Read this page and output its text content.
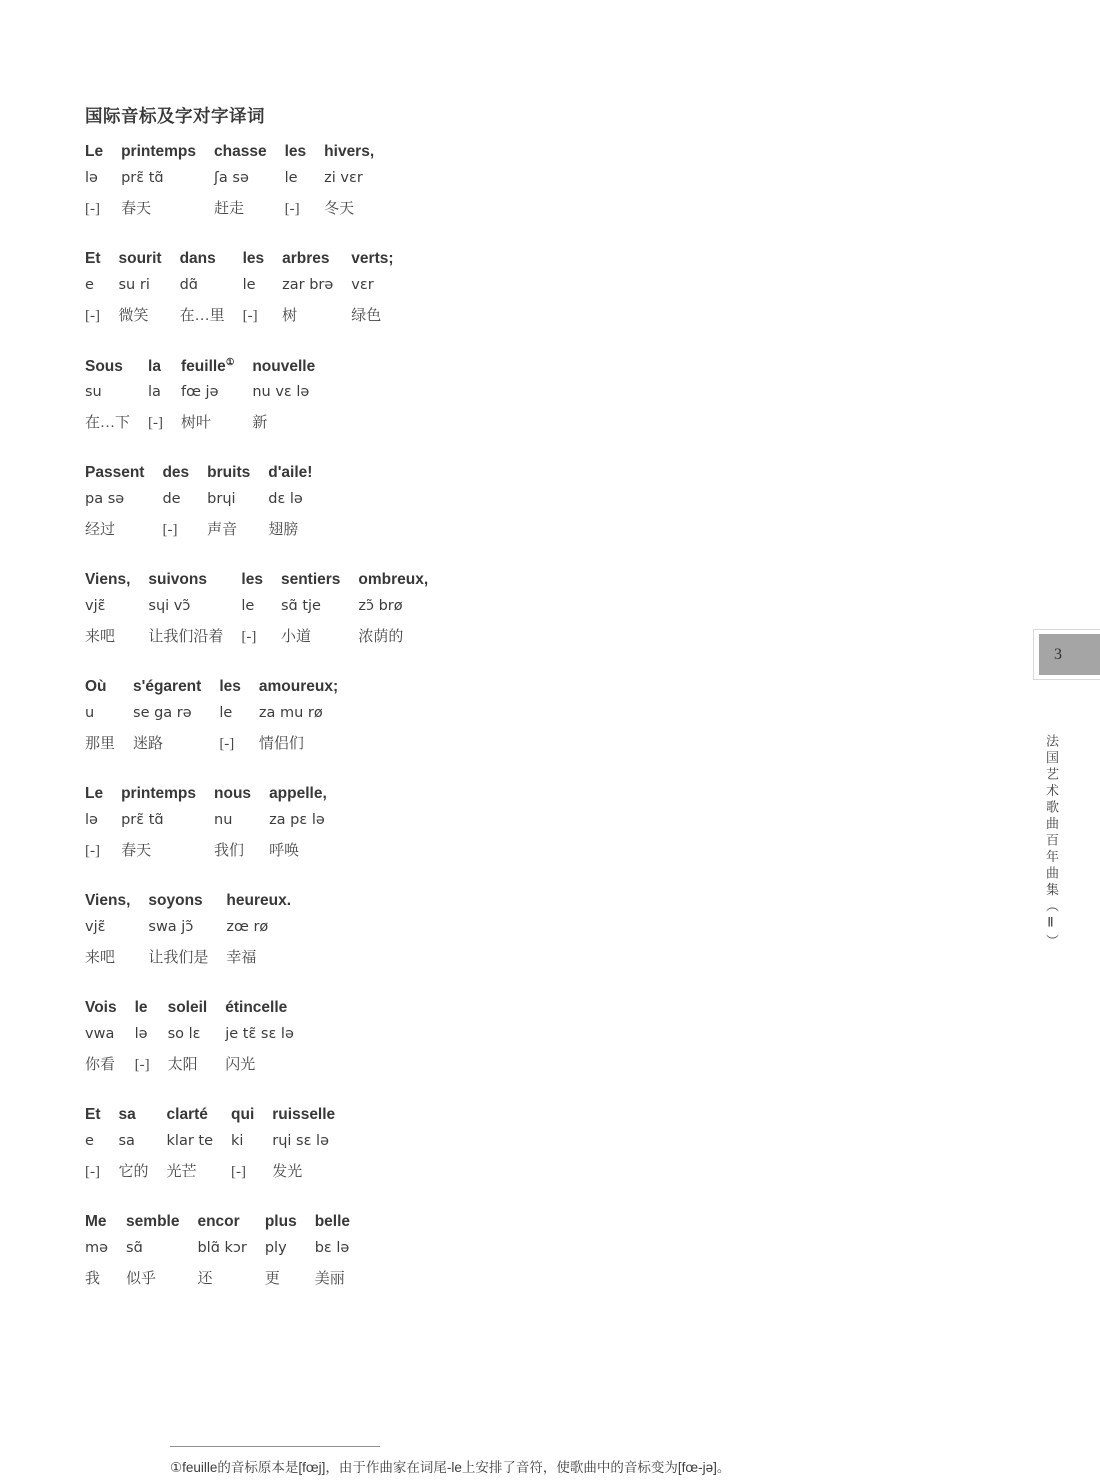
国际音标及字对字译词
Le	printemps	chasse	les	hivers,
lə	prɛ̃ tɑ̃	ʃa sə	le	zi vɛr
[-]	春天	赶走	[-]	冬天
Et	sourit	dans	les	arbres	verts;
e	su ri	dɑ̃	le	zar brə	vɛr
[-]	微笑	在…里	[-]	树	绿色
Sous	la	feuille①	nouvelle
su	la	fœ jə	nu vɛ lə
在…下	[-]	树叶	新
Passent	des	bruits	d'aile!
pa sə	de	brɥi	dɛ lə
经过	[-]	声音	翅膀
Viens,	suivons	les	sentiers	ombreux,
vjɛ̃	sɥi vɔ̃	le	sɑ̃ tje	zɔ̃ brø
来吧	让我们沿着	[-]	小道	浓荫的
Où	s'égarent	les	amoureux;
u	se ga rə	le	za mu rø
那里	迷路	[-]	情侣们
Le	printemps	nous	appelle,
lə	prɛ̃ tɑ̃	nu	za pɛ lə
[-]	春天	我们	呼唤
Viens,	soyons	heureux.
vjɛ̃	swa jɔ̃	zœ rø
来吧	让我们是	幸福
Vois	le	soleil	étincelle
vwa	lə	so lɛ	je tɛ̃ sɛ lə
你看	[-]	太阳	闪光
Et	sa	clarté	qui	ruisselle
e	sa	klar te	ki	rɥi sɛ lə
[-]	它的	光芒	[-]	发光
Me	semble	encor	plus	belle
mə	sɑ̃	blɑ̃ kɔr	ply	bɛ lə
我	似乎	还	更	美丽
①feuille的音标原本是[fœj]，由于作曲家在词尾-le上安排了音符，使歌曲中的音标变为[fœ-jə]。
3
法国艺术歌曲百年曲集（Ⅱ）
